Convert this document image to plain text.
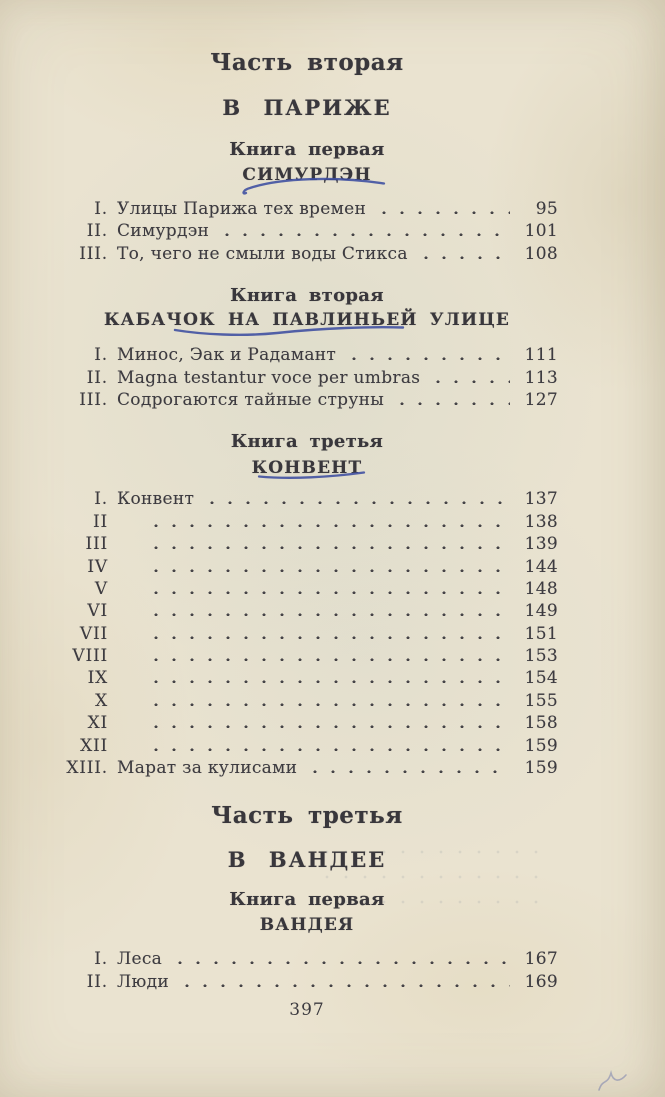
Часть вторая
В ПАРИЖЕ
Книга первая
СИМУРДЭН
I. Улицы Парижа тех времен	95
II. Симурдэн	101
III. То, чего не смыли воды Стикса	108
Книга вторая
КАБАЧОК НА ПАВЛИНЬЕЙ УЛИЦЕ
I. Минос, Эак и Радамант	111
II. Magna testantur voce per umbras	113
III. Содрогаются тайные струны	127
Книга третья
КОНВЕНТ
I. Конвент	137
II	138
III	139
IV	144
V	148
VI	149
VII	151
VIII	153
IX	154
X	155
XI	158
XII	159
XIII. Марат за кулисами	159
Часть третья
В ВАНДЕЕ
Книга первая
ВАНДЕЯ
I. Леса	167
II. Люди	169
397
